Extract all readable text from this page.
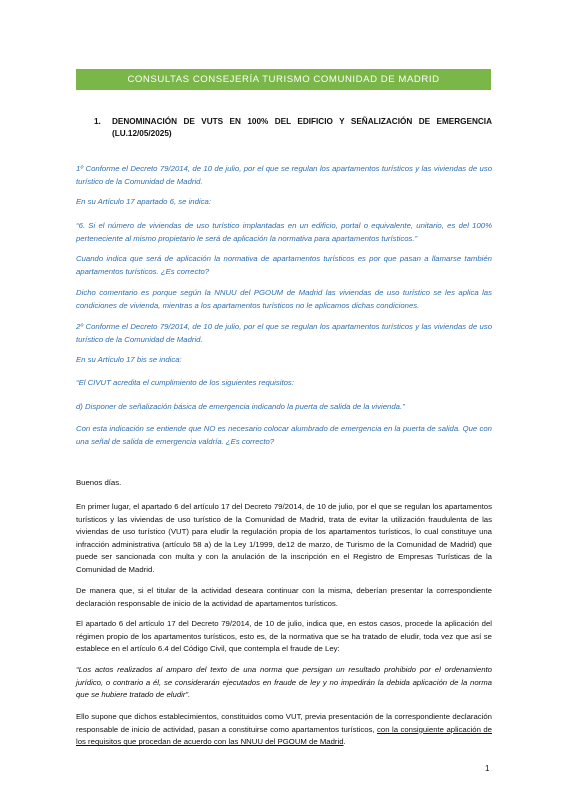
CONSULTAS CONSEJERÍA TURISMO COMUNIDAD DE MADRID
1. DENOMINACIÓN DE VUTS EN 100% DEL EDIFICIO Y SEÑALIZACIÓN DE EMERGENCIA (LU.12/05/2025)
1º Conforme el Decreto 79/2014, de 10 de julio, por el que se regulan los apartamentos turísticos y las viviendas de uso turístico de la Comunidad de Madrid.
En su Artículo 17 apartado 6, se indica:
“6. Si el número de viviendas de uso turístico implantadas en un edificio, portal o equivalente, unitario, es del 100% perteneciente al mismo propietario le será de aplicación la normativa para apartamentos turísticos.”
Cuando indica que será de aplicación la normativa de apartamentos turísticos es por que pasan a llamarse también apartamentos turísticos. ¿Es correcto?
Dicho comentario es porque según la NNUU del PGOUM de Madrid las viviendas de uso turístico se les aplica las condiciones de vivienda, mientras a los apartamentos turísticos no le aplicamos dichas condiciones.
2º Conforme el Decreto 79/2014, de 10 de julio, por el que se regulan los apartamentos turísticos y las viviendas de uso turístico de la Comunidad de Madrid.
En su Artículo 17 bis se indica:
“El CIVUT acredita el cumplimiento de los siguientes requisitos:
d) Disponer de señalización básica de emergencia indicando la puerta de salida de la vivienda.”
Con esta indicación se entiende que NO es necesario colocar alumbrado de emergencia en la puerta de salida. Que con una señal de salida de emergencia valdría. ¿Es correcto?
Buenos días.
En primer lugar, el apartado 6 del artículo 17 del Decreto 79/2014, de 10 de julio, por el que se regulan los apartamentos turísticos y las viviendas de uso turístico de la Comunidad de Madrid, trata de evitar la utilización fraudulenta de las viviendas de uso turístico (VUT) para eludir la regulación propia de los apartamentos turísticos, lo cual constituye una infracción administrativa (artículo 58 a) de la Ley 1/1999, de12 de marzo, de Turismo de la Comunidad de Madrid) que puede ser sancionada con multa y con la anulación de la inscripción en el Registro de Empresas Turísticas de la Comunidad de Madrid.
De manera que, si el titular de la actividad deseara continuar con la misma, deberían presentar la correspondiente declaración responsable de inicio de la actividad de apartamentos turísticos.
El apartado 6 del artículo 17 del Decreto 79/2014, de 10 de julio, indica que, en estos casos, procede la aplicación del régimen propio de los apartamentos turísticos, esto es, de la normativa que se ha tratado de eludir, toda vez que así se establece en el artículo 6.4 del Código Civil, que contempla el fraude de Ley:
“Los actos realizados al amparo del texto de una norma que persigan un resultado prohibido por el ordenamiento jurídico, o contrario a él, se considerarán ejecutados en fraude de ley y no impedirán la debida aplicación de la norma que se hubiere tratado de eludir”.
Ello supone que dichos establecimientos, constituidos como VUT, previa presentación de la correspondiente declaración responsable de inicio de actividad, pasan a constituirse como apartamentos turísticos, con la consiguiente aplicación de los requisitos que procedan de acuerdo con las NNUU del PGOUM de Madrid.
1
